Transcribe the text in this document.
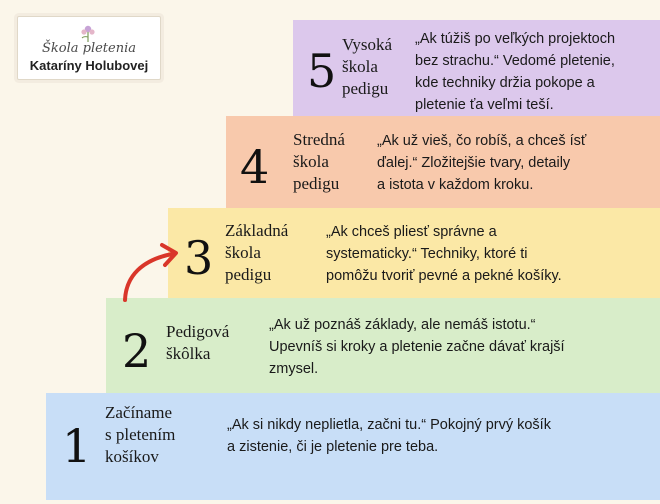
Škola pletenia
Kataríny Holubovej	5 Vysoká
škola
pedigu
„Ak túžiš po veľkých projektoch
bez strachu.“ Vedomé pletenie,
kde techniky držia pokope a
pletenie ťa veľmi teší.
4
Stredná
škola
pedigu
„Ak už vieš, čo robíš, a chceš ísť
ďalej.“ Zložitejšie tvary, detaily
a istota v každom kroku.
3
Základná
škola
pedigu
„Ak chceš pliesť správne a
systematicky.“ Techniky, ktoré ti
pomôžu tvoriť pevné a pekné košíky.
2 Pedigová
škôlka
„Ak už poznáš základy, ale nemáš istotu.“
Upevníš si kroky a pletenie začne dávať krajší
zmysel.
1
Začíname
s pletením
košíkov
„Ak si nikdy neplietla, začni tu.“ Pokojný prvý košík
a zistenie, či je pletenie pre teba.
